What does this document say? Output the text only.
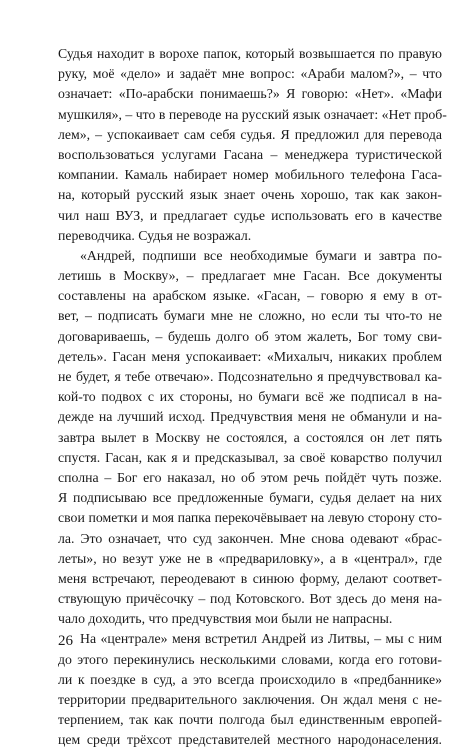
Судья находит в ворохе папок, который возвышается по правую
руку, моё «дело» и задаёт мне вопрос: «Араби малом?», – что
означает: «По-арабски понимаешь?» Я говорю: «Нет». «Мафи
мушкиля», – что в переводе на русский язык означает: «Нет проб-
лем», – успокаивает сам себя судья. Я предложил для перевода
воспользоваться услугами Гасана – менеджера туристической
компании. Камаль набирает номер мобильного телефона Гаса-
на, который русский язык знает очень хорошо, так как закон-
чил наш ВУЗ, и предлагает судье использовать его в качестве
переводчика. Судья не возражал.
«Андрей, подпиши все необходимые бумаги и завтра по-
летишь в Москву», – предлагает мне Гасан. Все документы
составлены на арабском языке. «Гасан, – говорю я ему в от-
вет, – подписать бумаги мне не сложно, но если ты что-то не
договариваешь, – будешь долго об этом жалеть, Бог тому сви-
детель». Гасан меня успокаивает: «Михалыч, никаких проблем
не будет, я тебе отвечаю». Подсознательно я предчувствовал ка-
кой-то подвох с их стороны, но бумаги всё же подписал в на-
дежде на лучший исход. Предчувствия меня не обманули и на-
завтра вылет в Москву не состоялся, а состоялся он лет пять
спустя. Гасан, как я и предсказывал, за своё коварство получил
сполна – Бог его наказал, но об этом речь пойдёт чуть позже.
Я подписываю все предложенные бумаги, судья делает на них
свои пометки и моя папка перекочёвывает на левую сторону сто-
ла. Это означает, что суд закончен. Мне снова одевают «брас-
леты», но везут уже не в «предвариловку», а в «централ», где
меня встречают, переодевают в синюю форму, делают соответ-
ствующую причёсочку – под Котовского. Вот здесь до меня на-
чало доходить, что предчувствия мои были не напрасны.
На «централе» меня встретил Андрей из Литвы, – мы с ним
до этого перекинулись несколькими словами, когда его готови-
ли к поездке в суд, а это всегда происходило в «предбаннике»
территории предварительного заключения. Он ждал меня с не-
терпением, так как почти полгода был единственным европей-
цем среди трёхсот представителей местного народонаселения.
26
